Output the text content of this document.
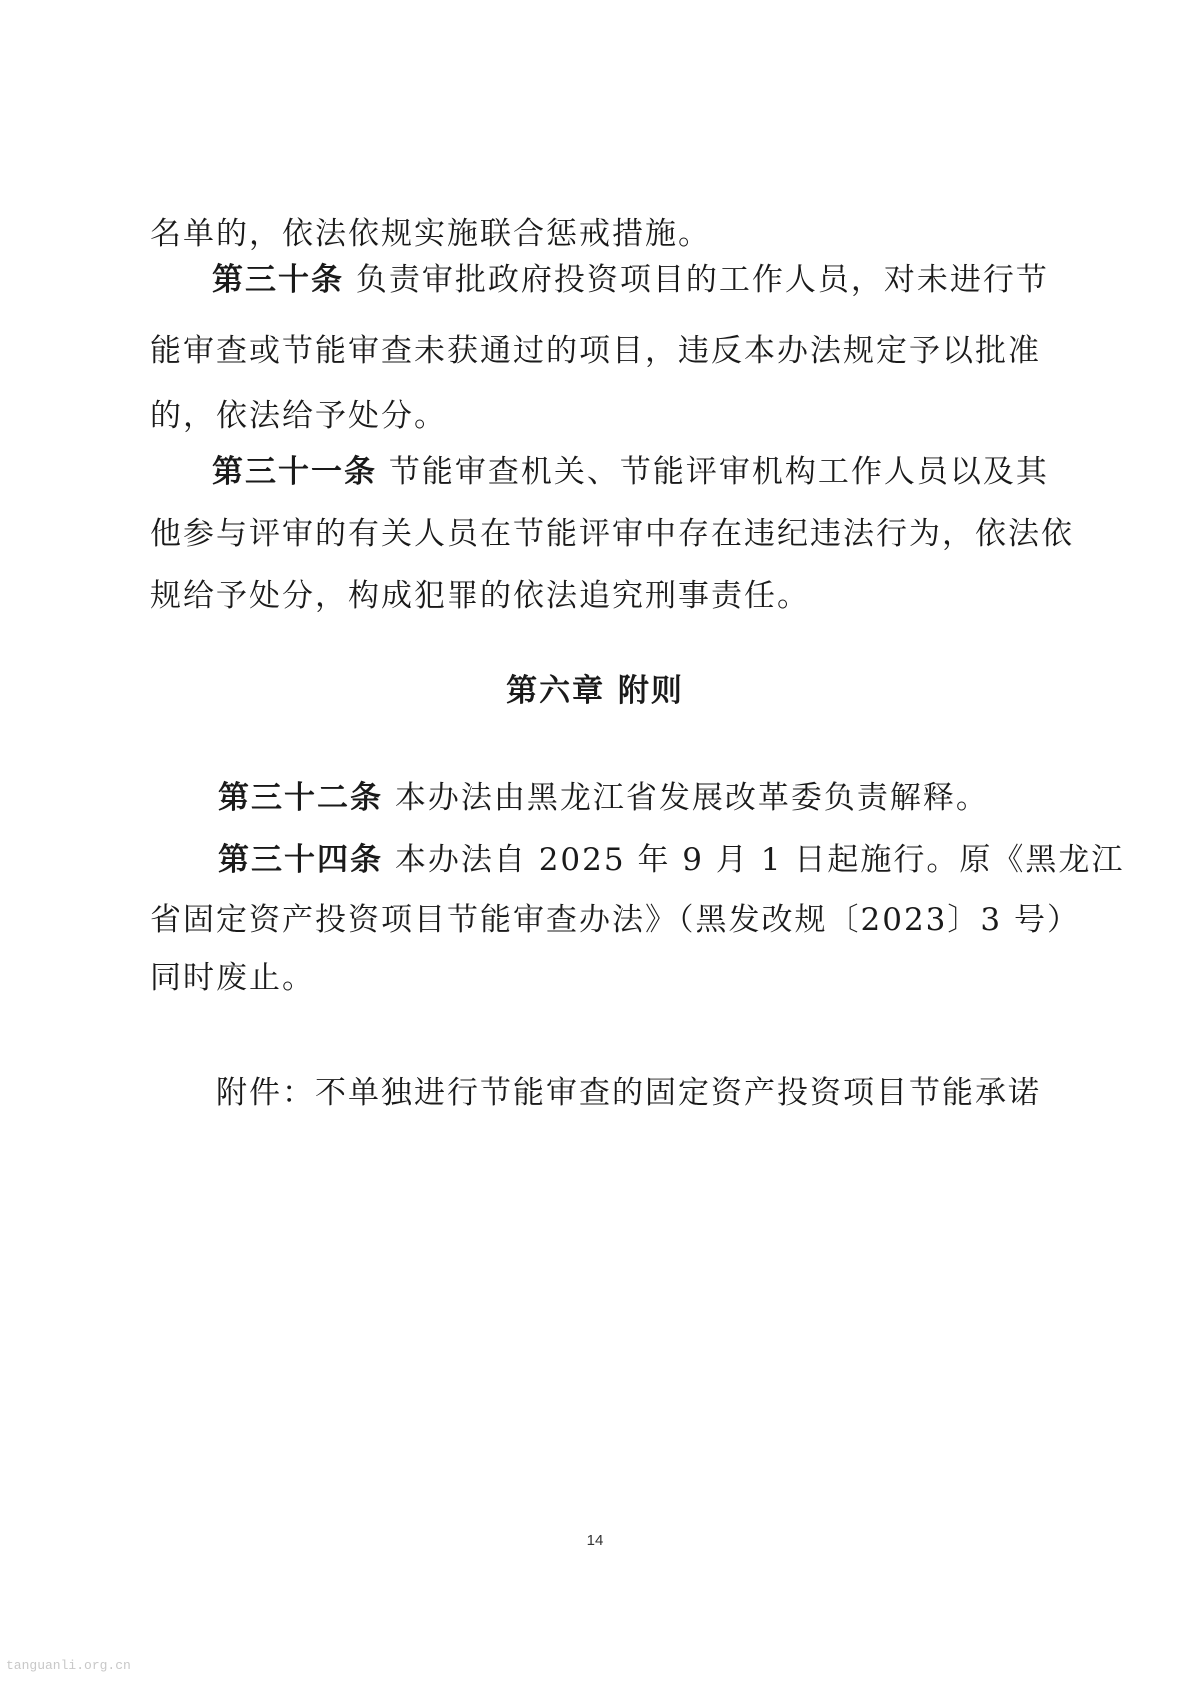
名单的，依法依规实施联合惩戒措施。
第三十条 负责审批政府投资项目的工作人员，对未进行节
能审查或节能审查未获通过的项目，违反本办法规定予以批准
的，依法给予处分。
第三十一条 节能审查机关、节能评审机构工作人员以及其
他参与评审的有关人员在节能评审中存在违纪违法行为，依法依
规给予处分，构成犯罪的依法追究刑事责任。
第六章 附则
第三十二条 本办法由黑龙江省发展改革委负责解释。
第三十四条 本办法自 2025 年 9 月 1 日起施行。原《黑龙江
省固定资产投资项目节能审查办法》（黑发改规〔2023〕3 号）
同时废止。
附件：不单独进行节能审查的固定资产投资项目节能承诺
14
tanguanli.org.cn
